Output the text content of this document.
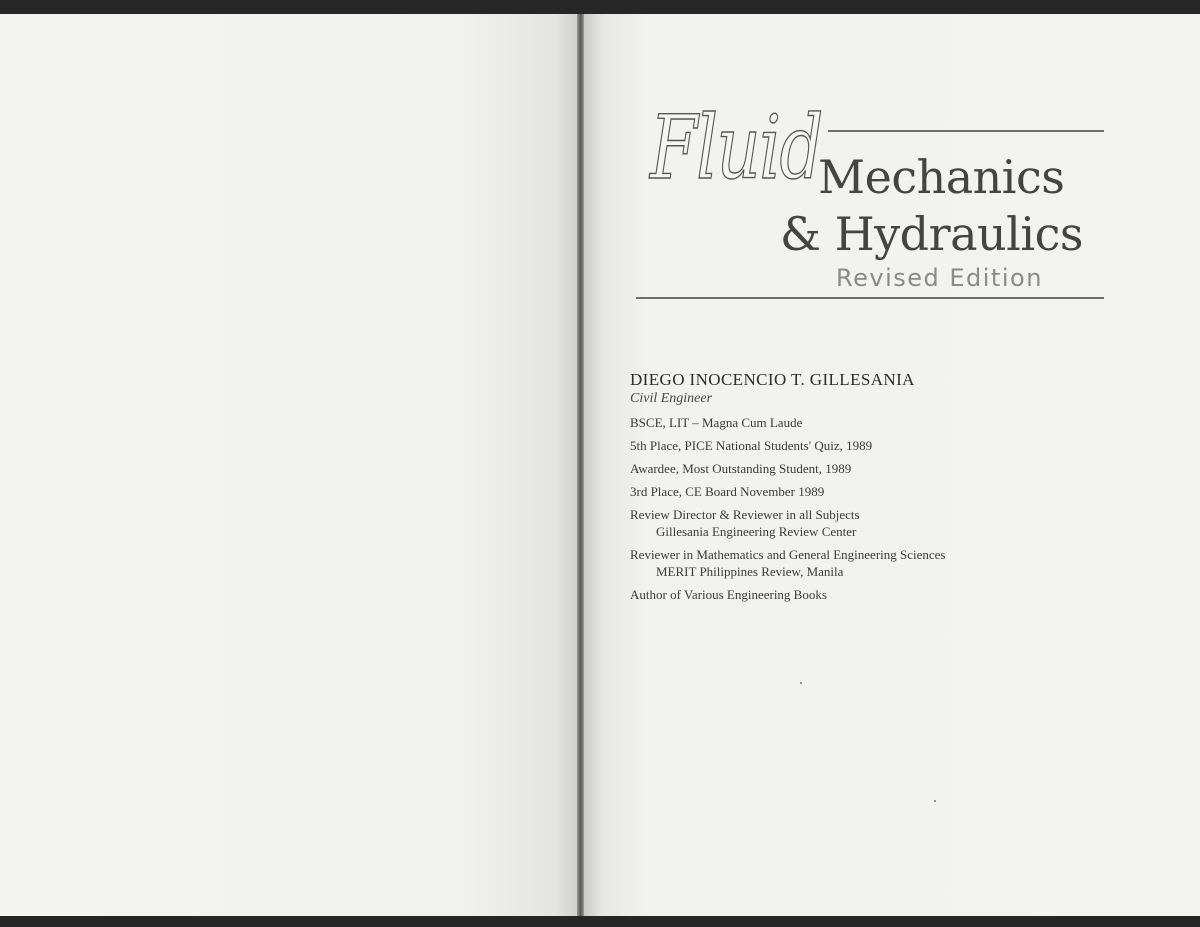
Fluid
Mechanics
& Hydraulics
Revised Edition
DIEGO INOCENCIO T. GILLESANIA
Civil Engineer
BSCE, LIT – Magna Cum Laude
5th Place, PICE National Students' Quiz, 1989
Awardee, Most Outstanding Student, 1989
3rd Place, CE Board November 1989
Review Director & Reviewer in all Subjects
Gillesania Engineering Review Center
Reviewer in Mathematics and General Engineering Sciences
MERIT Philippines Review, Manila
Author of Various Engineering Books
